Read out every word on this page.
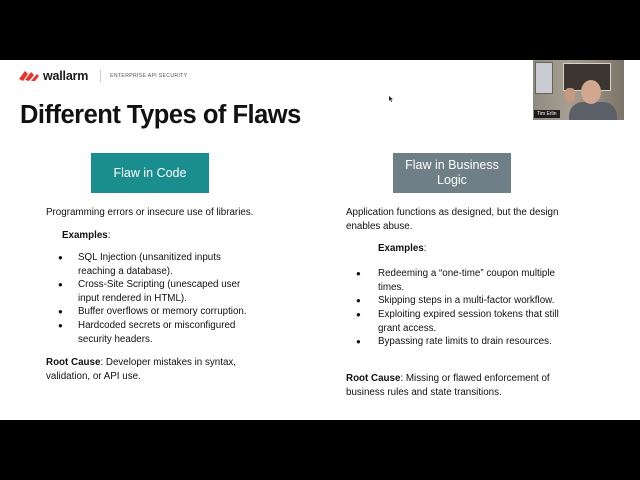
wallarm	ENTERPRISE API SECURITY
Different Types of Flaws
Flaw in Code
Programming errors or insecure use of libraries.
Examples:
● SQL Injection (unsanitized inputs
reaching a database).
● Cross-Site Scripting (unescaped user
input rendered in HTML).
● Buffer overflows or memory corruption.
● Hardcoded secrets or misconfigured
security headers.
Root Cause: Developer mistakes in syntax,
validation, or API use.
Flaw in Business
Logic
Application functions as designed, but the design
enables abuse.
Examples:
● Redeeming a “one-time” coupon multiple
times.
● Skipping steps in a multi-factor workflow.
● Exploiting expired session tokens that still
grant access.
● Bypassing rate limits to drain resources.
Root Cause: Missing or flawed enforcement of
business rules and state transitions.
Tim Erlin
